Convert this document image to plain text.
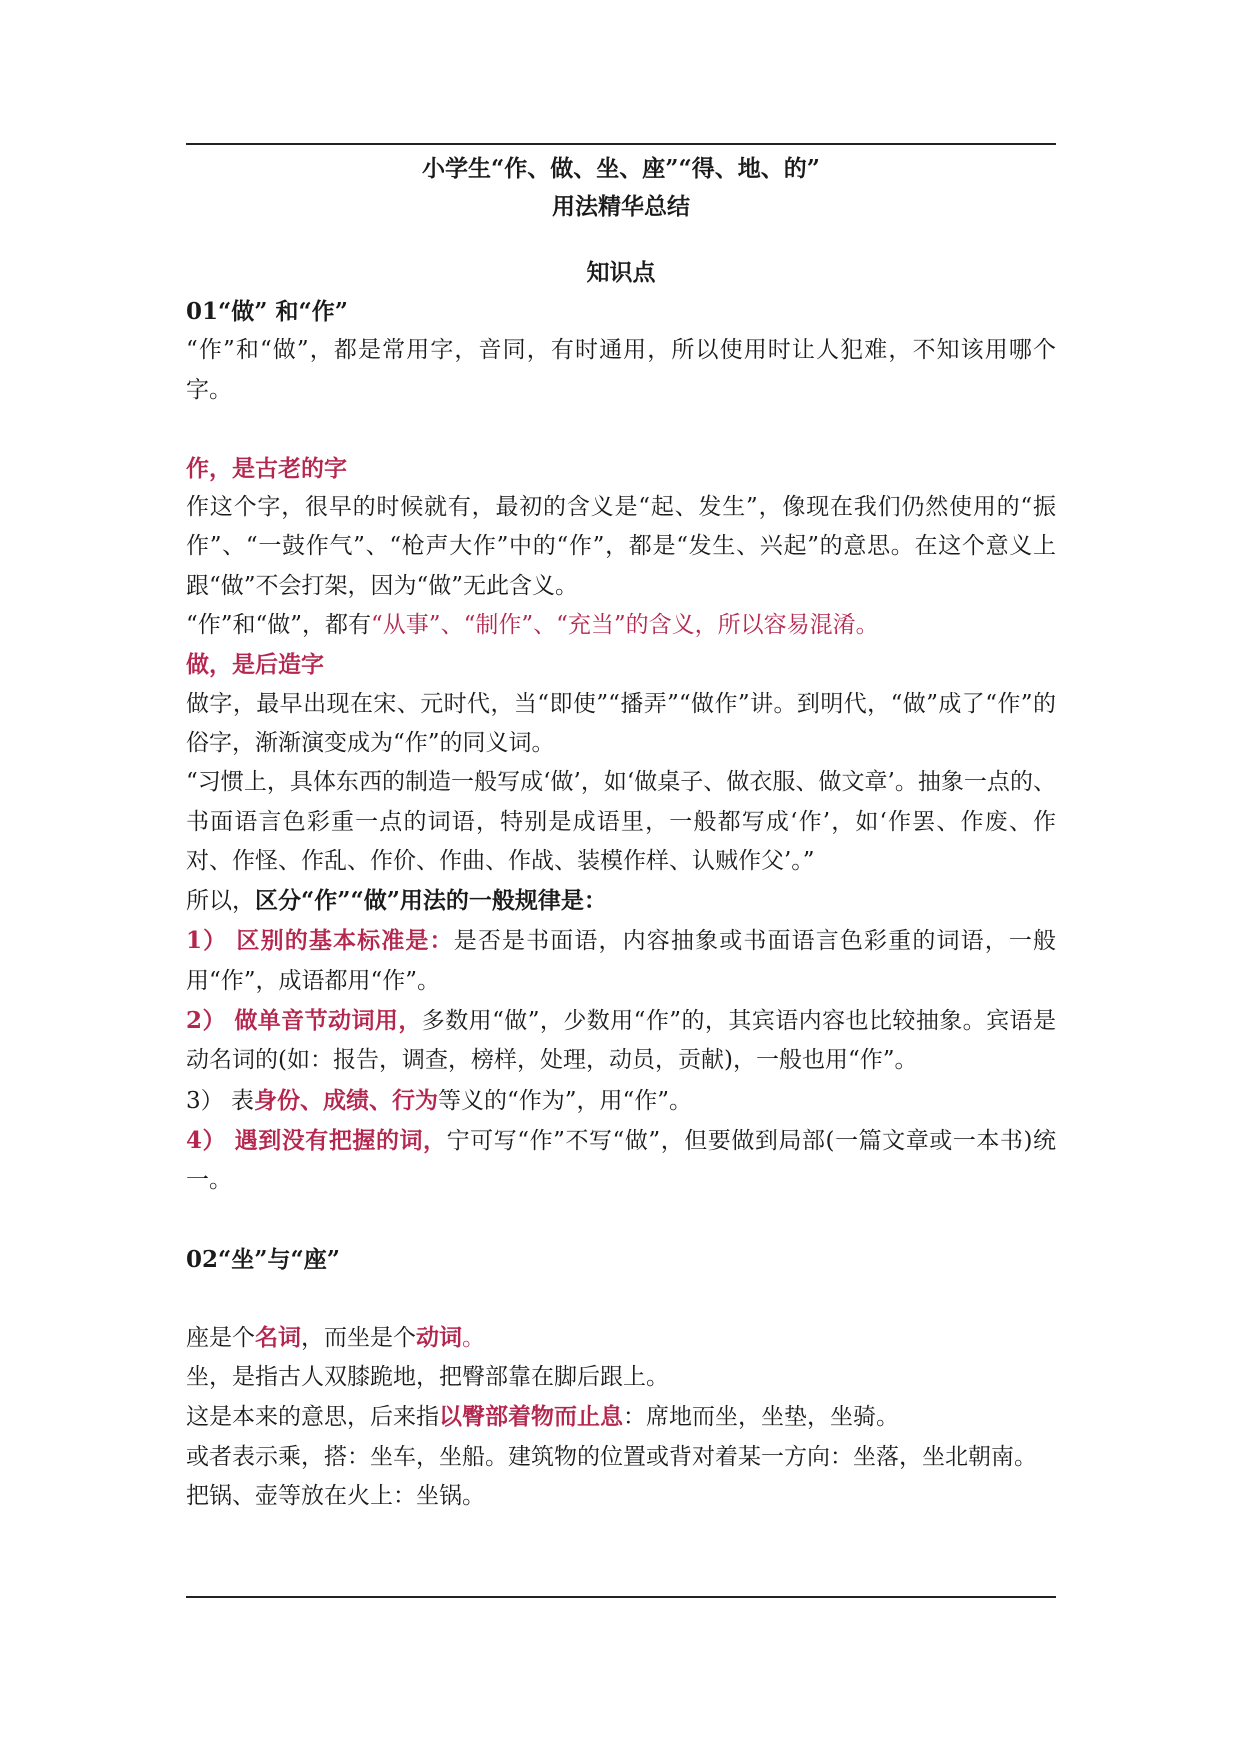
小学生“作、做、坐、座”“得、地、的”
用法精华总结
知识点

01“做” 和“作”

“作”和“做”，都是常用字，音同，有时通用，所以使用时让人犯难，不知该用哪个字。

作，是古老的字

作这个字，很早的时候就有，最初的含义是“起、发生”，像现在我们仍然使用的“振作”、“一鼓作气”、“枪声大作”中的“作”，都是“发生、兴起”的意思。在这个意义上跟“做”不会打架，因为“做”无此含义。

“作”和“做”，都有“从事”、“制作”、“充当”的含义，所以容易混淆。

做，是后造字

做字，最早出现在宋、元时代，当“即使”“播弄”“做作”讲。到明代，“做”成了“作”的俗字，渐渐演变成为“作”的同义词。

“习惯上，具体东西的制造一般写成‘做’，如‘做桌子、做衣服、做文章’。抽象一点的、书面语言色彩重一点的词语，特别是成语里，一般都写成‘作’，如‘作罢、作废、作对、作怪、作乱、作价、作曲、作战、装模作样、认贼作父’。”

所以，区分“作”“做”用法的一般规律是：

1） 区别的基本标准是：是否是书面语，内容抽象或书面语言色彩重的词语，一般用“作”，成语都用“作”。

2） 做单音节动词用，多数用“做”，少数用“作”的，其宾语内容也比较抽象。宾语是动名词的(如：报告，调查，榜样，处理，动员，贡献)，一般也用“作”。

3） 表身份、成绩、行为等义的“作为”，用“作”。

4） 遇到没有把握的词，宁可写“作”不写“做”，但要做到局部(一篇文章或一本书)统一。

02“坐”与“座”

座是个名词，而坐是个动词。

坐，是指古人双膝跪地，把臀部靠在脚后跟上。

这是本来的意思，后来指以臀部着物而止息：席地而坐，坐垫，坐骑。

或者表示乘，搭：坐车，坐船。建筑物的位置或背对着某一方向：坐落，坐北朝南。

把锅、壶等放在火上：坐锅。
